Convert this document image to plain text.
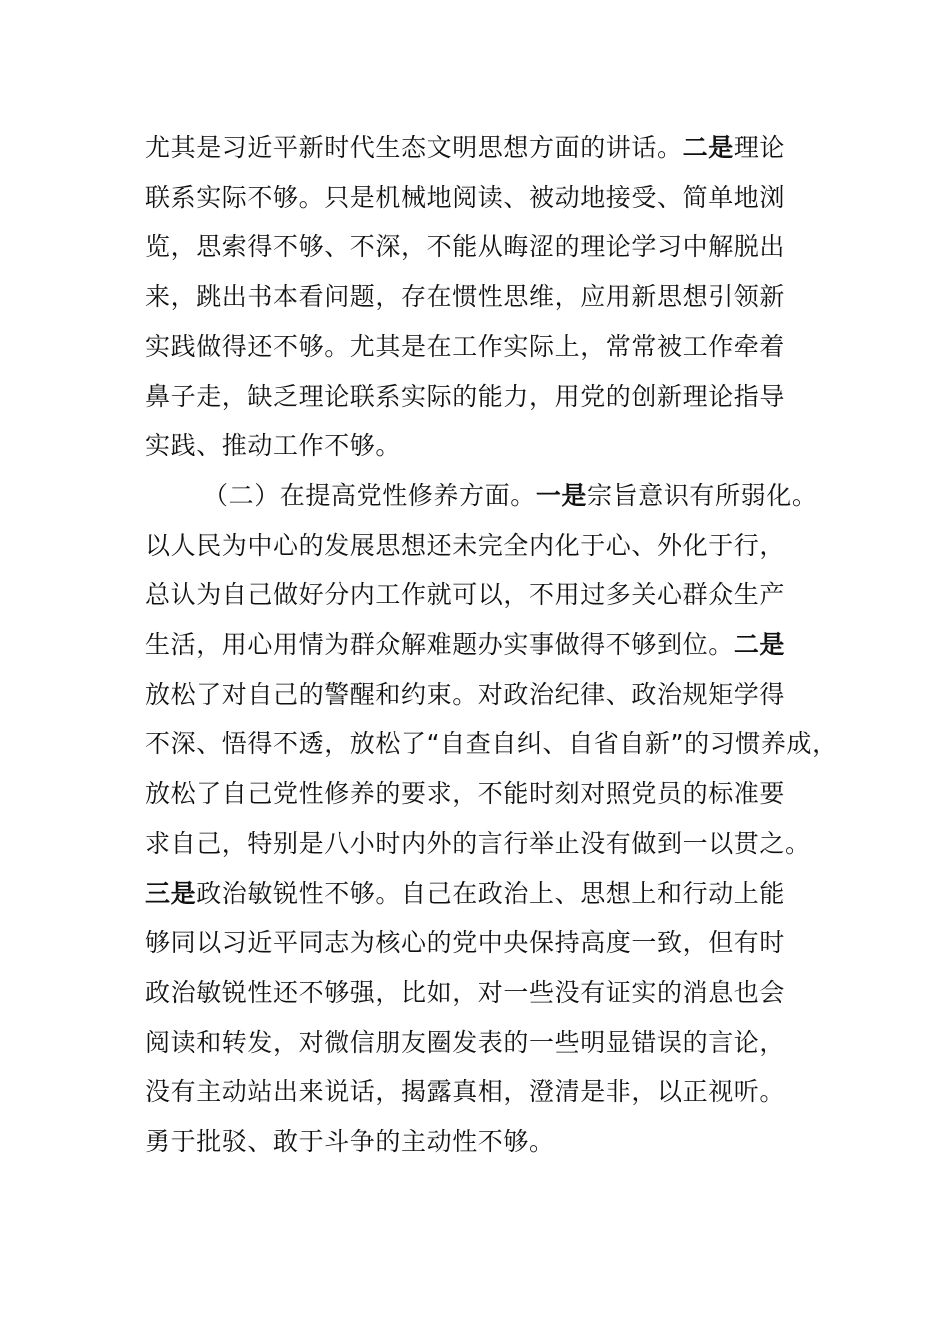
尤其是习近平新时代生态文明思想方面的讲话。二是理论
联系实际不够。只是机械地阅读、被动地接受、简单地浏
览，思索得不够、不深，不能从晦涩的理论学习中解脱出
来，跳出书本看问题，存在惯性思维，应用新思想引领新
实践做得还不够。尤其是在工作实际上，常常被工作牵着
鼻子走，缺乏理论联系实际的能力，用党的创新理论指导
实践、推动工作不够。
（二）在提高党性修养方面。一是宗旨意识有所弱化。
以人民为中心的发展思想还未完全内化于心、外化于行，
总认为自己做好分内工作就可以，不用过多关心群众生产
生活，用心用情为群众解难题办实事做得不够到位。二是
放松了对自己的警醒和约束。对政治纪律、政治规矩学得
不深、悟得不透，放松了“自查自纠、自省自新”的习惯养成，
放松了自己党性修养的要求，不能时刻对照党员的标准要
求自己，特别是八小时内外的言行举止没有做到一以贯之。
三是政治敏锐性不够。自己在政治上、思想上和行动上能
够同以习近平同志为核心的党中央保持高度一致，但有时
政治敏锐性还不够强，比如，对一些没有证实的消息也会
阅读和转发，对微信朋友圈发表的一些明显错误的言论，
没有主动站出来说话，揭露真相，澄清是非，以正视听。
勇于批驳、敢于斗争的主动性不够。
